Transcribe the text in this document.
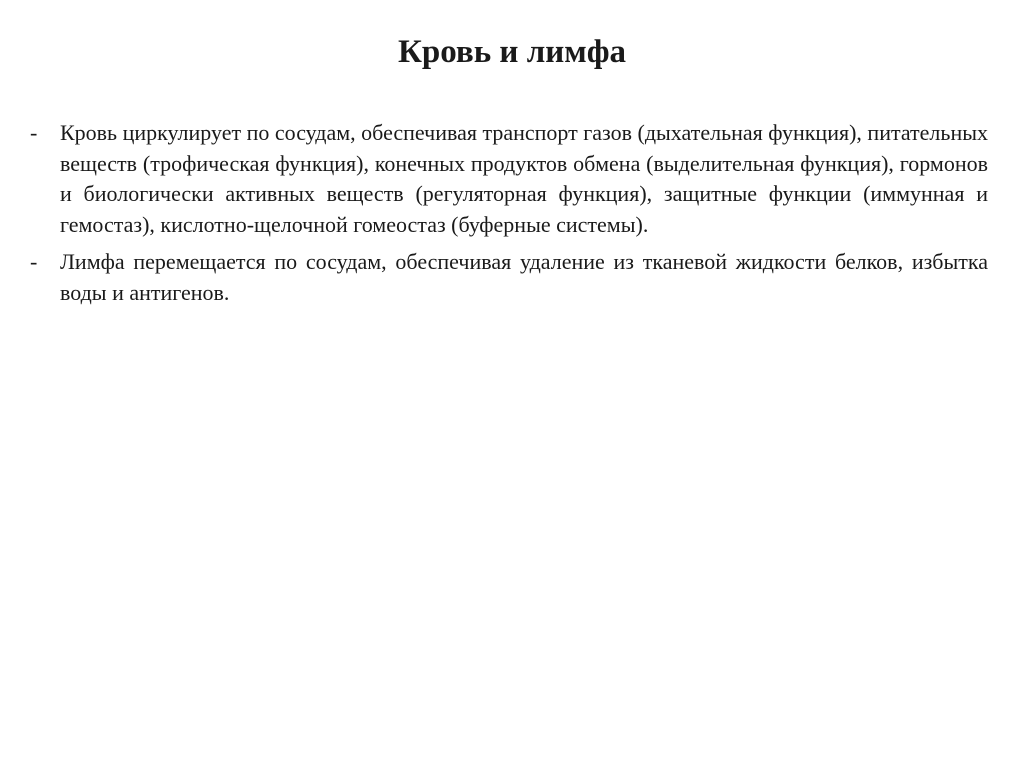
Кровь и лимфа
- Кровь циркулирует по сосудам, обеспечивая транспорт газов (дыхательная функция), питательных веществ (трофическая функция), конечных продуктов обмена (выделительная функция), гормонов и биологически активных веществ (регуляторная функция), защитные функции (иммунная и гемостаз), кислотно-щелочной гомеостаз (буферные системы).
- Лимфа перемещается по сосудам, обеспечивая удаление из тканевой жидкости белков, избытка воды и антигенов.
